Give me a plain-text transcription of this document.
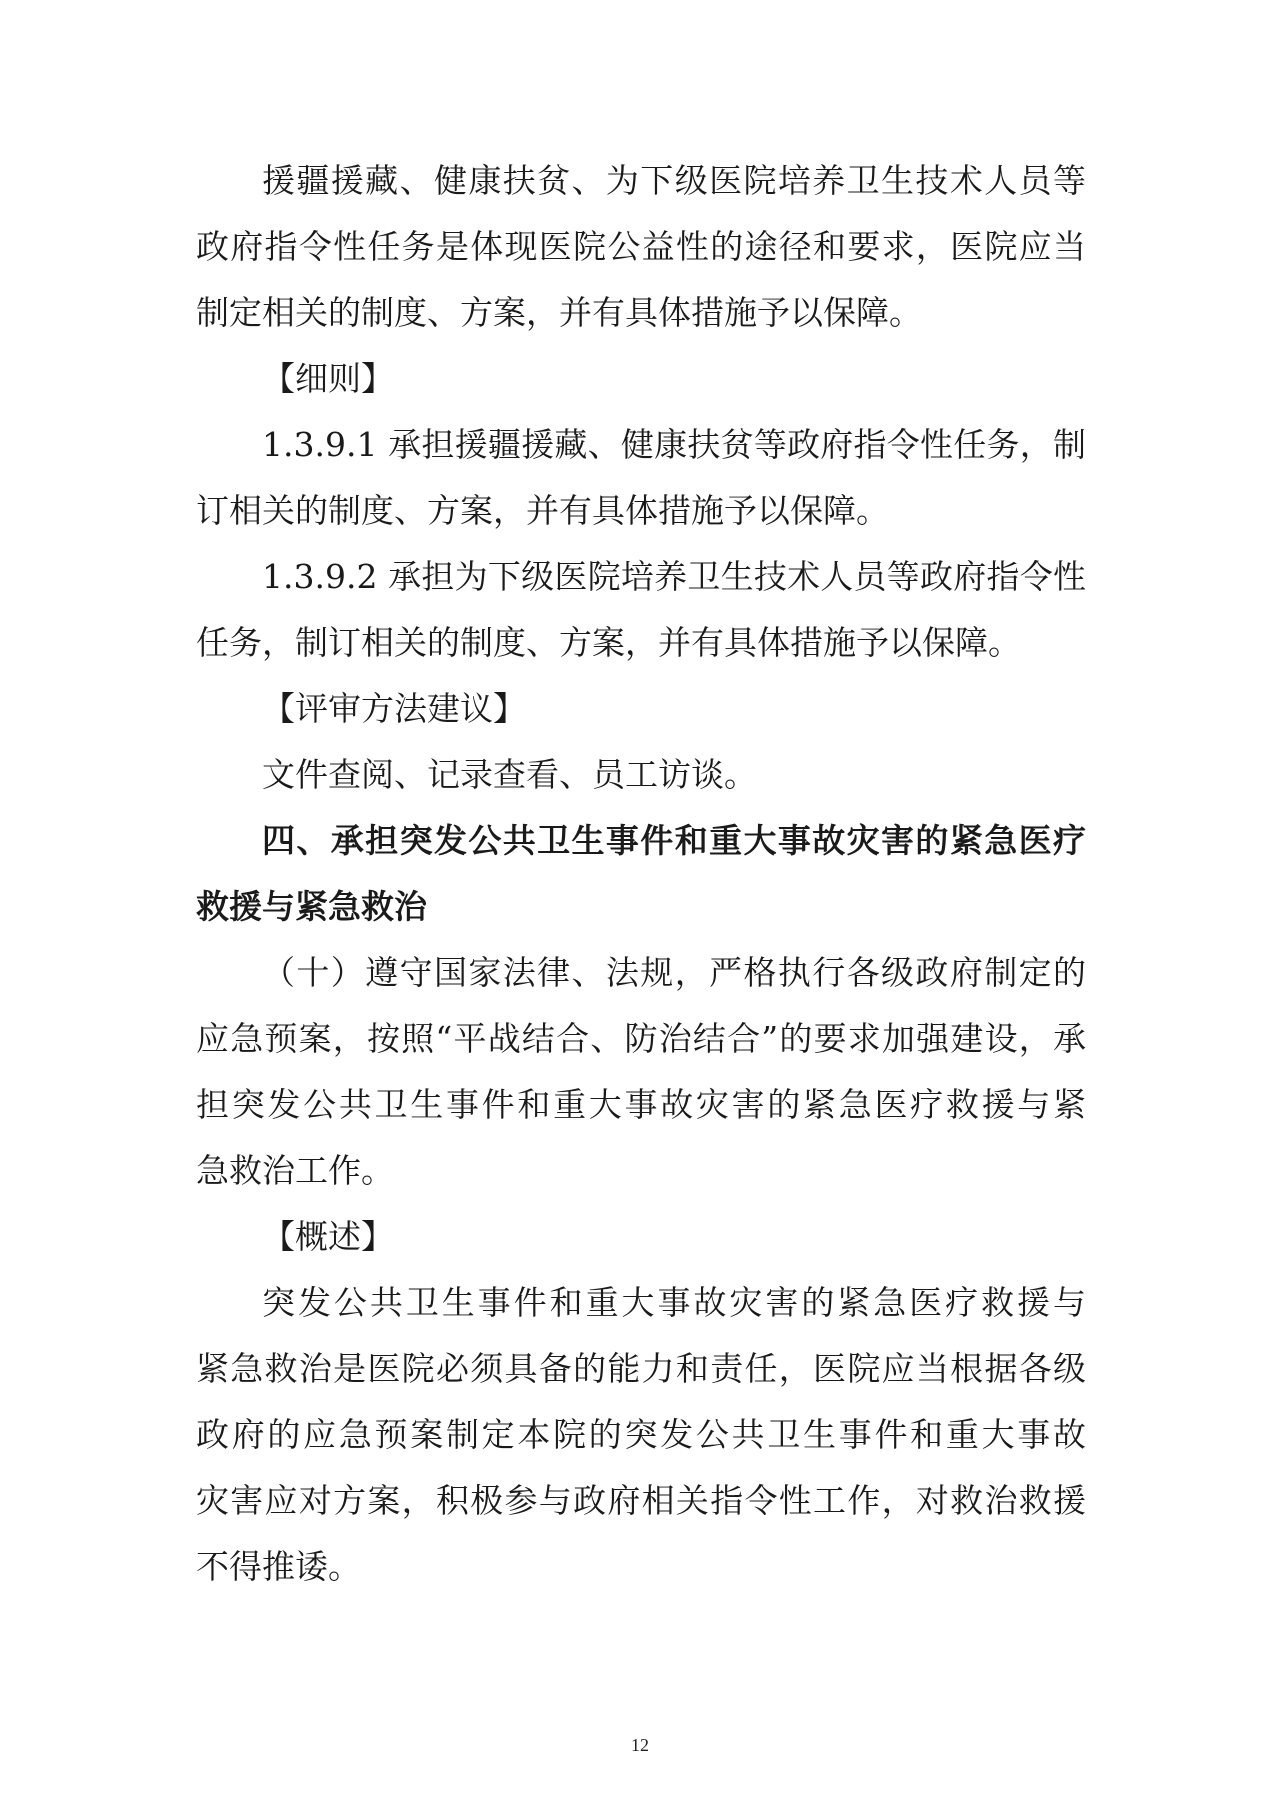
援疆援藏、健康扶贫、为下级医院培养卫生技术人员等
政府指令性任务是体现医院公益性的途径和要求，医院应当
制定相关的制度、方案，并有具体措施予以保障。
【细则】
1.3.9.1 承担援疆援藏、健康扶贫等政府指令性任务，制
订相关的制度、方案，并有具体措施予以保障。
1.3.9.2 承担为下级医院培养卫生技术人员等政府指令性
任务，制订相关的制度、方案，并有具体措施予以保障。
【评审方法建议】
文件查阅、记录查看、员工访谈。
四、承担突发公共卫生事件和重大事故灾害的紧急医疗
救援与紧急救治
（十）遵守国家法律、法规，严格执行各级政府制定的
应急预案，按照“平战结合、防治结合”的要求加强建设，承
担突发公共卫生事件和重大事故灾害的紧急医疗救援与紧
急救治工作。
【概述】
突发公共卫生事件和重大事故灾害的紧急医疗救援与
紧急救治是医院必须具备的能力和责任，医院应当根据各级
政府的应急预案制定本院的突发公共卫生事件和重大事故
灾害应对方案，积极参与政府相关指令性工作，对救治救援
不得推诿。
12
